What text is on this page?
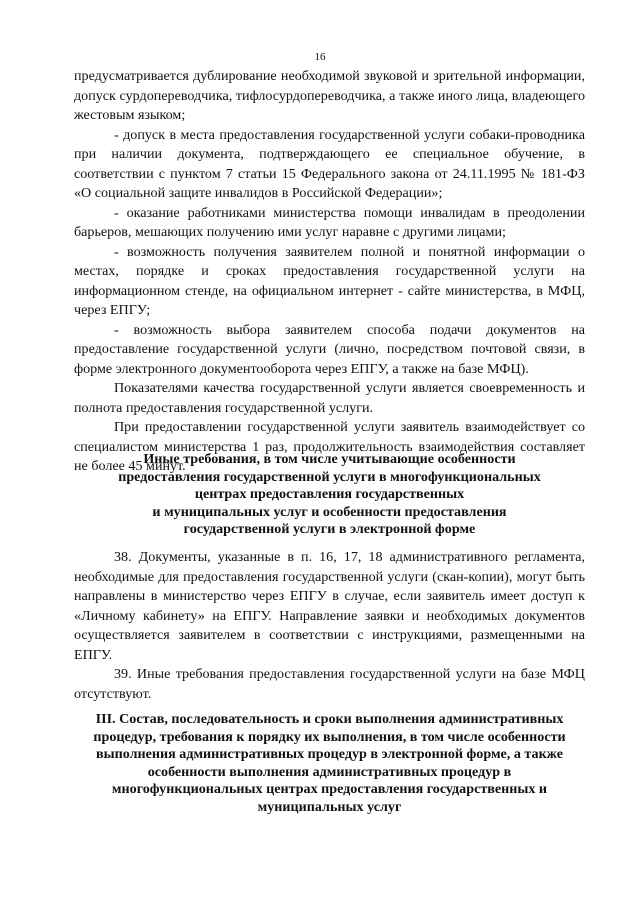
16

предусматривается дублирование необходимой звуковой и зрительной информации, допуск сурдопереводчика, тифлосурдопереводчика, а также иного лица, владеющего жестовым языком;

- допуск в места предоставления государственной услуги собаки-проводника при наличии документа, подтверждающего ее специальное обучение, в соответствии с пунктом 7 статьи 15 Федерального закона от 24.11.1995 № 181-ФЗ «О социальной защите инвалидов в Российской Федерации»;

- оказание работниками министерства помощи инвалидам в преодолении барьеров, мешающих получению ими услуг наравне с другими лицами;

- возможность получения заявителем полной и понятной информации о местах, порядке и сроках предоставления государственной услуги на информационном стенде, на официальном интернет - сайте министерства, в МФЦ, через ЕПГУ;

- возможность выбора заявителем способа подачи документов на предоставление государственной услуги (лично, посредством почтовой связи, в форме электронного документооборота через ЕПГУ, а также на базе МФЦ).

Показателями качества государственной услуги является своевременность и полнота предоставления государственной услуги.

При предоставлении государственной услуги заявитель взаимодействует со специалистом министерства 1 раз, продолжительность взаимодействия составляет не более 45 минут.

Иные требования, в том числе учитывающие особенности

предоставления государственной услуги в многофункциональных

центрах предоставления государственных

и муниципальных услуг и особенности предоставления

государственной услуги в электронной форме

38. Документы, указанные в п. 16, 17, 18 административного регламента, необходимые для предоставления государственной услуги (скан-копии), могут быть направлены в министерство через ЕПГУ в случае, если заявитель имеет доступ к «Личному кабинету» на ЕПГУ. Направление заявки и необходимых документов осуществляется заявителем в соответствии с инструкциями, размещенными на ЕПГУ.

39. Иные требования предоставления государственной услуги на базе МФЦ отсутствуют.

III. Состав, последовательность и сроки выполнения административных

процедур, требования к порядку их выполнения, в том числе особенности

выполнения административных процедур в электронной форме, а также

особенности выполнения административных процедур в

многофункциональных центрах предоставления государственных и

муниципальных услуг
